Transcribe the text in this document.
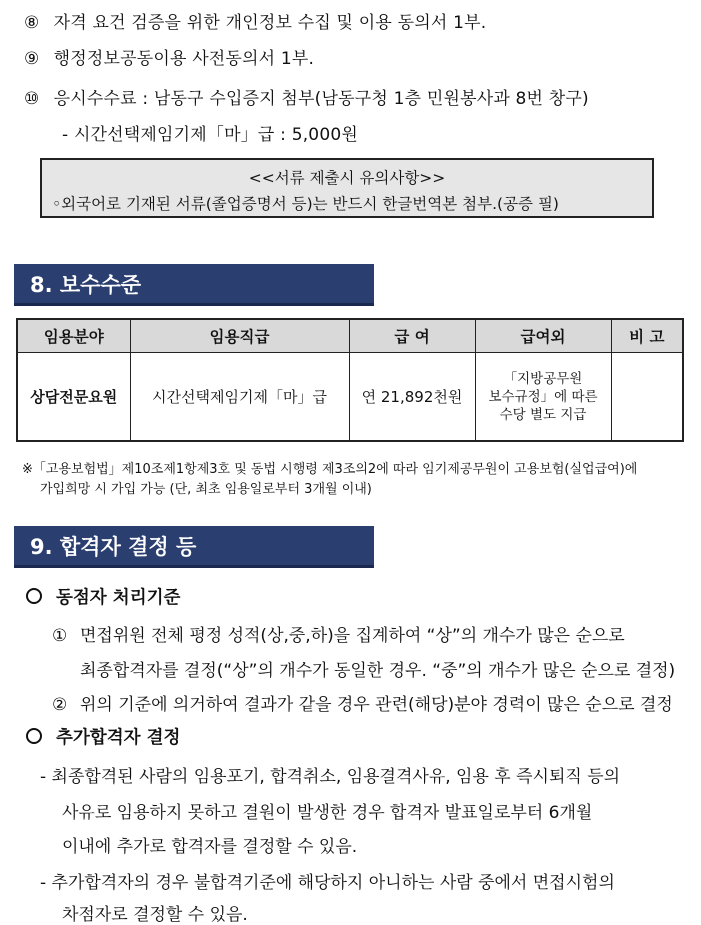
⑧ 자격 요건 검증을 위한 개인정보 수집 및 이용 동의서 1부.
⑨ 행정정보공동이용 사전동의서 1부.
⑩ 응시수수료 : 남동구 수입증지 첨부(남동구청 1층 민원봉사과 8번 창구)
- 시간선택제임기제「마」급 : 5,000원
<<서류 제출시 유의사항>>
◦외국어로 기재된 서류(졸업증명서 등)는 반드시 한글번역본 첨부.(공증 필)
8. 보수수준
임용분야	임용직급	급 여	급여외	비 고
상담전문요원	시간선택제임기제「마」급	연 21,892천원	「지방공무원
보수규정」에 따른
수당 별도 지급	

※「고용보험법」제10조제1항제3호 및 동법 시행령 제3조의2에 따라 임기제공무원이 고용보험(실업급여)에
가입희망 시 가입 가능 (단, 최초 임용일로부터 3개월 이내)
9. 합격자 결정 등
동점자 처리기준
① 면접위원 전체 평정 성적(상,중,하)을 집계하여 “상”의 개수가 많은 순으로
최종합격자를 결정(“상”의 개수가 동일한 경우. “중”의 개수가 많은 순으로 결정)
② 위의 기준에 의거하여 결과가 같을 경우 관련(해당)분야 경력이 많은 순으로 결정
추가합격자 결정
- 최종합격된 사람의 임용포기, 합격취소, 임용결격사유, 임용 후 즉시퇴직 등의
사유로 임용하지 못하고 결원이 발생한 경우 합격자 발표일로부터 6개월
이내에 추가로 합격자를 결정할 수 있음.
- 추가합격자의 경우 불합격기준에 해당하지 아니하는 사람 중에서 면접시험의
차점자로 결정할 수 있음.
